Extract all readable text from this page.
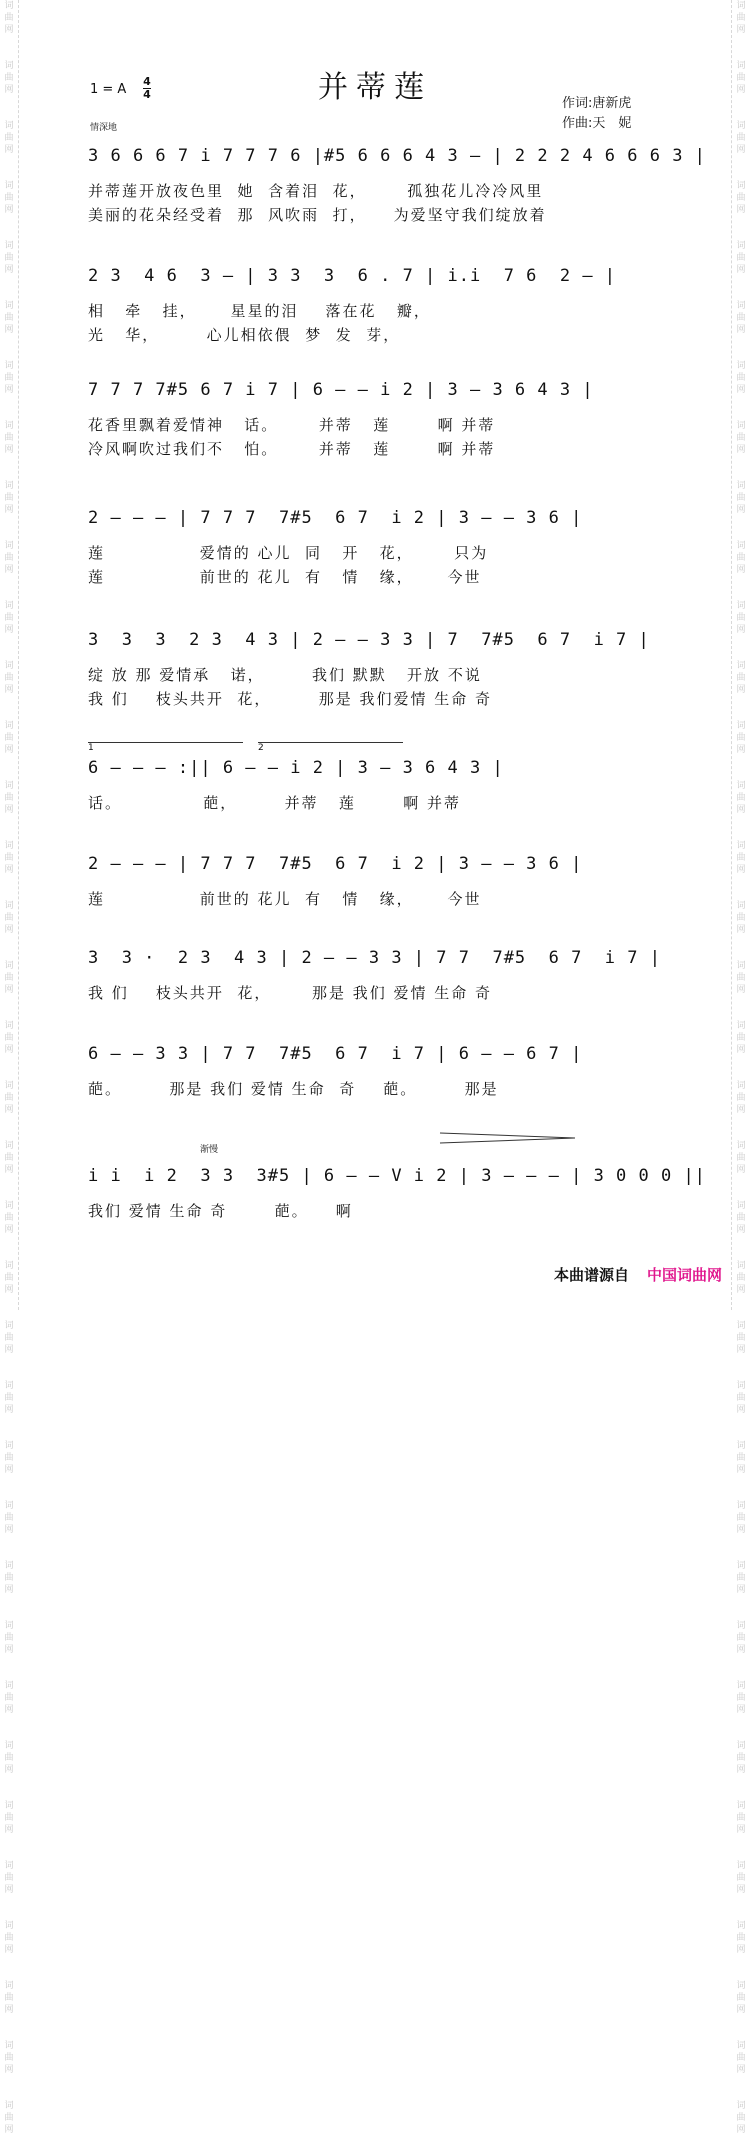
词
曲
网
词
曲
网
词
曲
网
词
曲
网
词
曲
网
词
曲
网
词
曲
网
词
曲
网
词
曲
网
词
曲
网
词
曲
网
词
曲
网
词
曲
网
词
曲
网
词
曲
网
词
曲
网
词
曲
网
词
曲
网
词
曲
网
词
曲
网
词
曲
网
词
曲
网
词
曲
网
词
曲
网
词
曲
网
词
曲
网
词
曲
网
词
曲
网
词
曲
网
词
曲
网
词
曲
网
词
曲
网
词
曲
网
词
曲
网
词
曲
网
词
曲
网
词
曲
网
词
曲
网
词
曲
网
词
曲
网
词
曲
网
词
曲
网
词
曲
网
词
曲
网
词
曲
网
词
曲
网
词
曲
网
词
曲
网
词
曲
网
词
曲
网
词
曲
网
词
曲
网
词
曲
网
词
曲
网
词
曲
网
词
曲
网
词
曲
网
词
曲
网
词
曲
网
词
曲
网
词
曲
网
词
曲
网
词
曲
网
词
曲
网
词
曲
网
词
曲
网
词
曲
网
词
曲
网
词
曲
网
词
曲
网
词
曲
网
词
曲
网
1 = A
4
4	并蒂莲
情深地
作词:唐新虎
作曲:天　妮
3 6 6 6 7 i 7 7 7 6 |#5 6 6 6 4 3 — | 2 2 2 4 6 6 6 3 |
并蒂莲开放夜色里  她  含着泪  花，      孤独花儿冷冷风里
美丽的花朵经受着  那  风吹雨  打，    为爱坚守我们绽放着
2 3  4 6  3 — | 3 3  3  6 . 7 | i.i  7 6  2 — |
相   牵   挂，     星星的泪    落在花   瓣，
光   华，       心儿相依偎  梦  发  芽，
7 7 7 7#5 6 7 i 7 | 6 — — i 2 | 3 — 3 6 4 3 |
花香里飘着爱情神   话。      并蒂   莲       啊 并蒂
冷风啊吹过我们不   怕。      并蒂   莲       啊 并蒂
2 — — — | 7 7 7  7#5  6 7  i 2 | 3 — — 3 6 |
莲              爱情的 心儿  同   开   花，      只为
莲              前世的 花儿  有   情   缘，     今世
3  3  3  2 3  4 3 | 2 — — 3 3 | 7  7#5  6 7  i 7 |
绽 放 那 爱情承   诺，       我们 默默   开放 不说
我 们    枝头共开  花，       那是 我们爱情 生命 奇
1	2
6 — — — :|| 6 — — i 2 | 3 — 3 6 4 3 |
话。            葩，       并蒂   莲       啊 并蒂
2 — — — | 7 7 7  7#5  6 7  i 2 | 3 — — 3 6 |
莲              前世的 花儿  有   情   缘，     今世
3  3 ·  2 3  4 3 | 2 — — 3 3 | 7 7  7#5  6 7  i 7 |
我 们    枝头共开  花，      那是 我们 爱情 生命 奇
6 — — 3 3 | 7 7  7#5  6 7  i 7 | 6 — — 6 7 |
葩。       那是 我们 爱情 生命  奇    葩。       那是
渐慢
i i  i 2  3 3  3#5 | 6 — — V i 2 | 3 — — — | 3 0 0 0 ||
我们 爱情 生命 奇       葩。    啊
本曲谱源自 中国词曲网
